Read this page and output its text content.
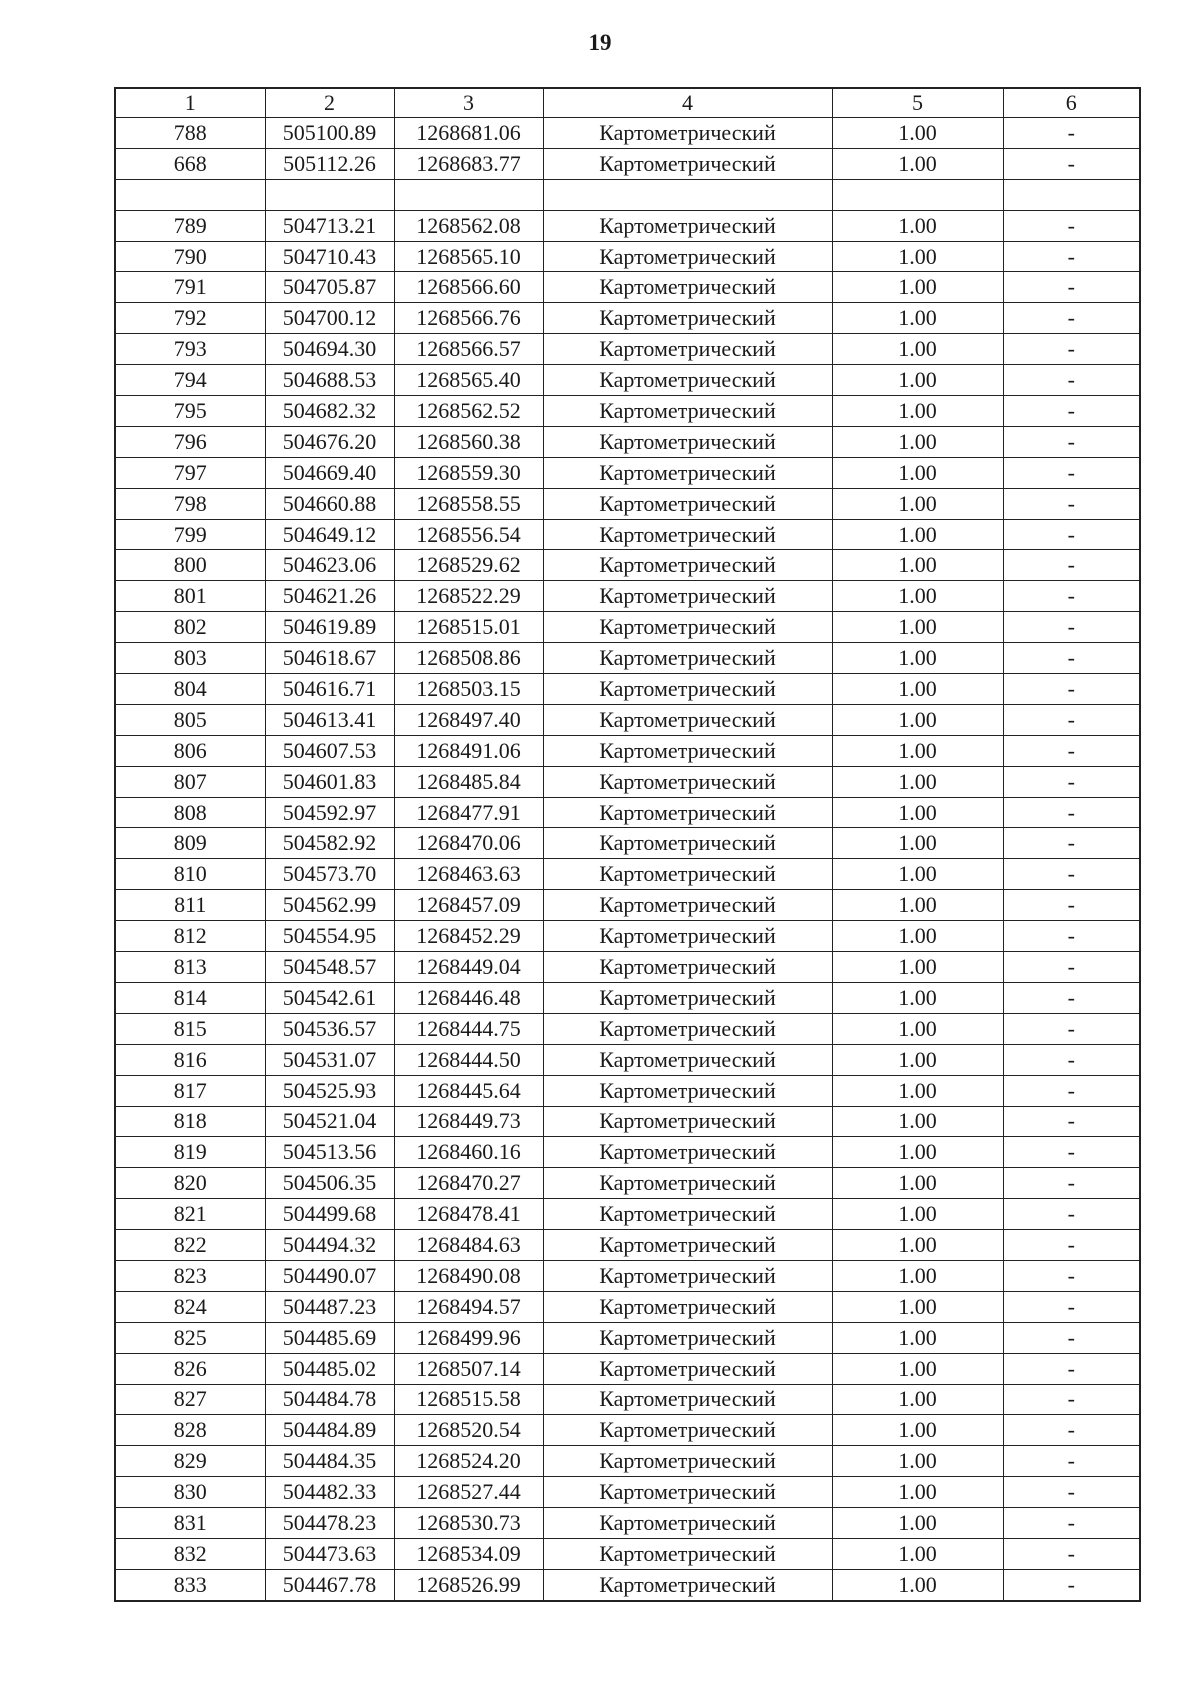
19
1	2	3	4	5	6
788	505100.89	1268681.06	Картометрический	1.00	-
668	505112.26	1268683.77	Картометрический	1.00	-

789	504713.21	1268562.08	Картометрический	1.00	-
790	504710.43	1268565.10	Картометрический	1.00	-
791	504705.87	1268566.60	Картометрический	1.00	-
792	504700.12	1268566.76	Картометрический	1.00	-
793	504694.30	1268566.57	Картометрический	1.00	-
794	504688.53	1268565.40	Картометрический	1.00	-
795	504682.32	1268562.52	Картометрический	1.00	-
796	504676.20	1268560.38	Картометрический	1.00	-
797	504669.40	1268559.30	Картометрический	1.00	-
798	504660.88	1268558.55	Картометрический	1.00	-
799	504649.12	1268556.54	Картометрический	1.00	-
800	504623.06	1268529.62	Картометрический	1.00	-
801	504621.26	1268522.29	Картометрический	1.00	-
802	504619.89	1268515.01	Картометрический	1.00	-
803	504618.67	1268508.86	Картометрический	1.00	-
804	504616.71	1268503.15	Картометрический	1.00	-
805	504613.41	1268497.40	Картометрический	1.00	-
806	504607.53	1268491.06	Картометрический	1.00	-
807	504601.83	1268485.84	Картометрический	1.00	-
808	504592.97	1268477.91	Картометрический	1.00	-
809	504582.92	1268470.06	Картометрический	1.00	-
810	504573.70	1268463.63	Картометрический	1.00	-
811	504562.99	1268457.09	Картометрический	1.00	-
812	504554.95	1268452.29	Картометрический	1.00	-
813	504548.57	1268449.04	Картометрический	1.00	-
814	504542.61	1268446.48	Картометрический	1.00	-
815	504536.57	1268444.75	Картометрический	1.00	-
816	504531.07	1268444.50	Картометрический	1.00	-
817	504525.93	1268445.64	Картометрический	1.00	-
818	504521.04	1268449.73	Картометрический	1.00	-
819	504513.56	1268460.16	Картометрический	1.00	-
820	504506.35	1268470.27	Картометрический	1.00	-
821	504499.68	1268478.41	Картометрический	1.00	-
822	504494.32	1268484.63	Картометрический	1.00	-
823	504490.07	1268490.08	Картометрический	1.00	-
824	504487.23	1268494.57	Картометрический	1.00	-
825	504485.69	1268499.96	Картометрический	1.00	-
826	504485.02	1268507.14	Картометрический	1.00	-
827	504484.78	1268515.58	Картометрический	1.00	-
828	504484.89	1268520.54	Картометрический	1.00	-
829	504484.35	1268524.20	Картометрический	1.00	-
830	504482.33	1268527.44	Картометрический	1.00	-
831	504478.23	1268530.73	Картометрический	1.00	-
832	504473.63	1268534.09	Картометрический	1.00	-
833	504467.78	1268526.99	Картометрический	1.00	-
